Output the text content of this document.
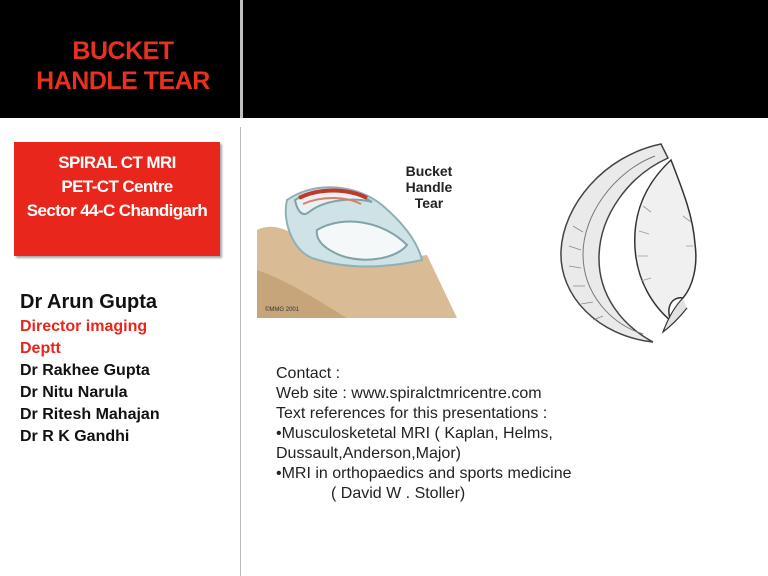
BUCKET
HANDLE TEAR
SPIRAL CT MRI
PET-CT Centre
Sector 44-C Chandigarh
Dr Arun Gupta
Director imaging
Deptt
Dr Rakhee Gupta
Dr Nitu Narula
Dr Ritesh Mahajan
Dr R K Gandhi
Bucket
Handle
Tear
©MMG 2001
Contact :
Web site : www.spiralctmricentre.com
Text references for this presentations :
•Musculosketetal MRI ( Kaplan, Helms,
Dussault,Anderson,Major)
•MRI in orthopaedics and sports medicine
( David W . Stoller)
